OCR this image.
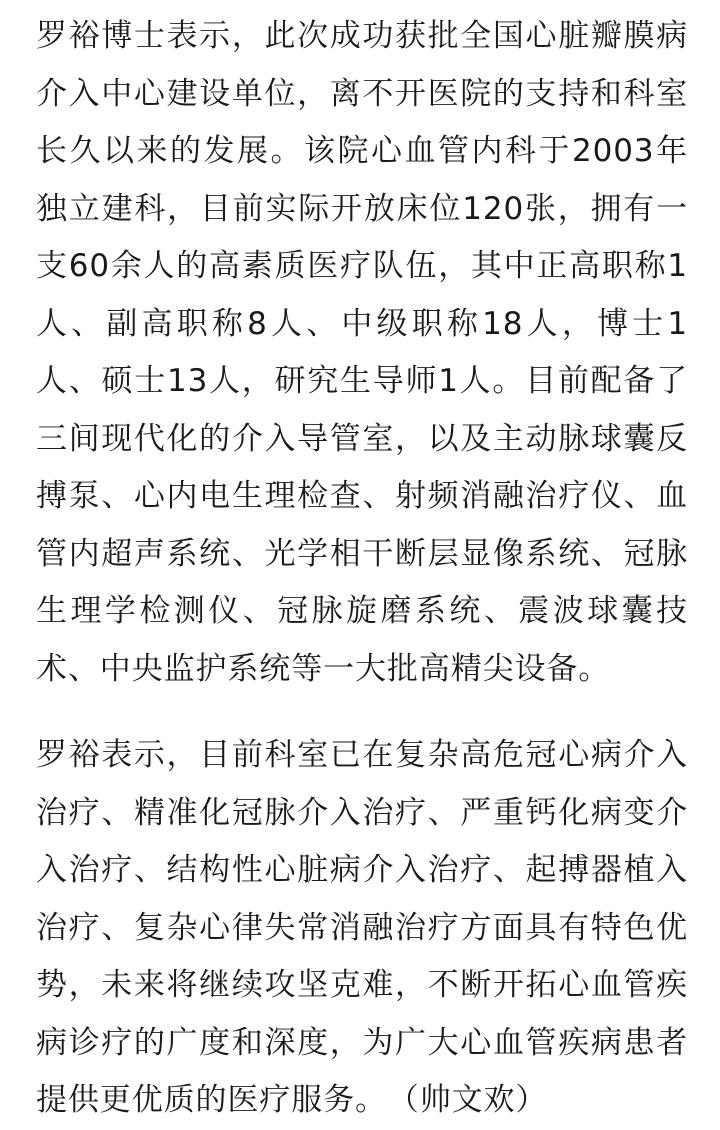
罗裕博士表示，此次成功获批全国心脏瓣膜病介入中心建设单位，离不开医院的支持和科室长久以来的发展。该院心血管内科于2003年独立建科，目前实际开放床位120张，拥有一支60余人的高素质医疗队伍，其中正高职称1人、副高职称8人、中级职称18人，博士1人、硕士13人，研究生导师1人。目前配备了三间现代化的介入导管室，以及主动脉球囊反搏泵、心内电生理检查、射频消融治疗仪、血管内超声系统、光学相干断层显像系统、冠脉生理学检测仪、冠脉旋磨系统、震波球囊技术、中央监护系统等一大批高精尖设备。

罗裕表示，目前科室已在复杂高危冠心病介入治疗、精准化冠脉介入治疗、严重钙化病变介入治疗、结构性心脏病介入治疗、起搏器植入治疗、复杂心律失常消融治疗方面具有特色优势，未来将继续攻坚克难，不断开拓心血管疾病诊疗的广度和深度，为广大心血管疾病患者提供更优质的医疗服务。　（帅文欢）
